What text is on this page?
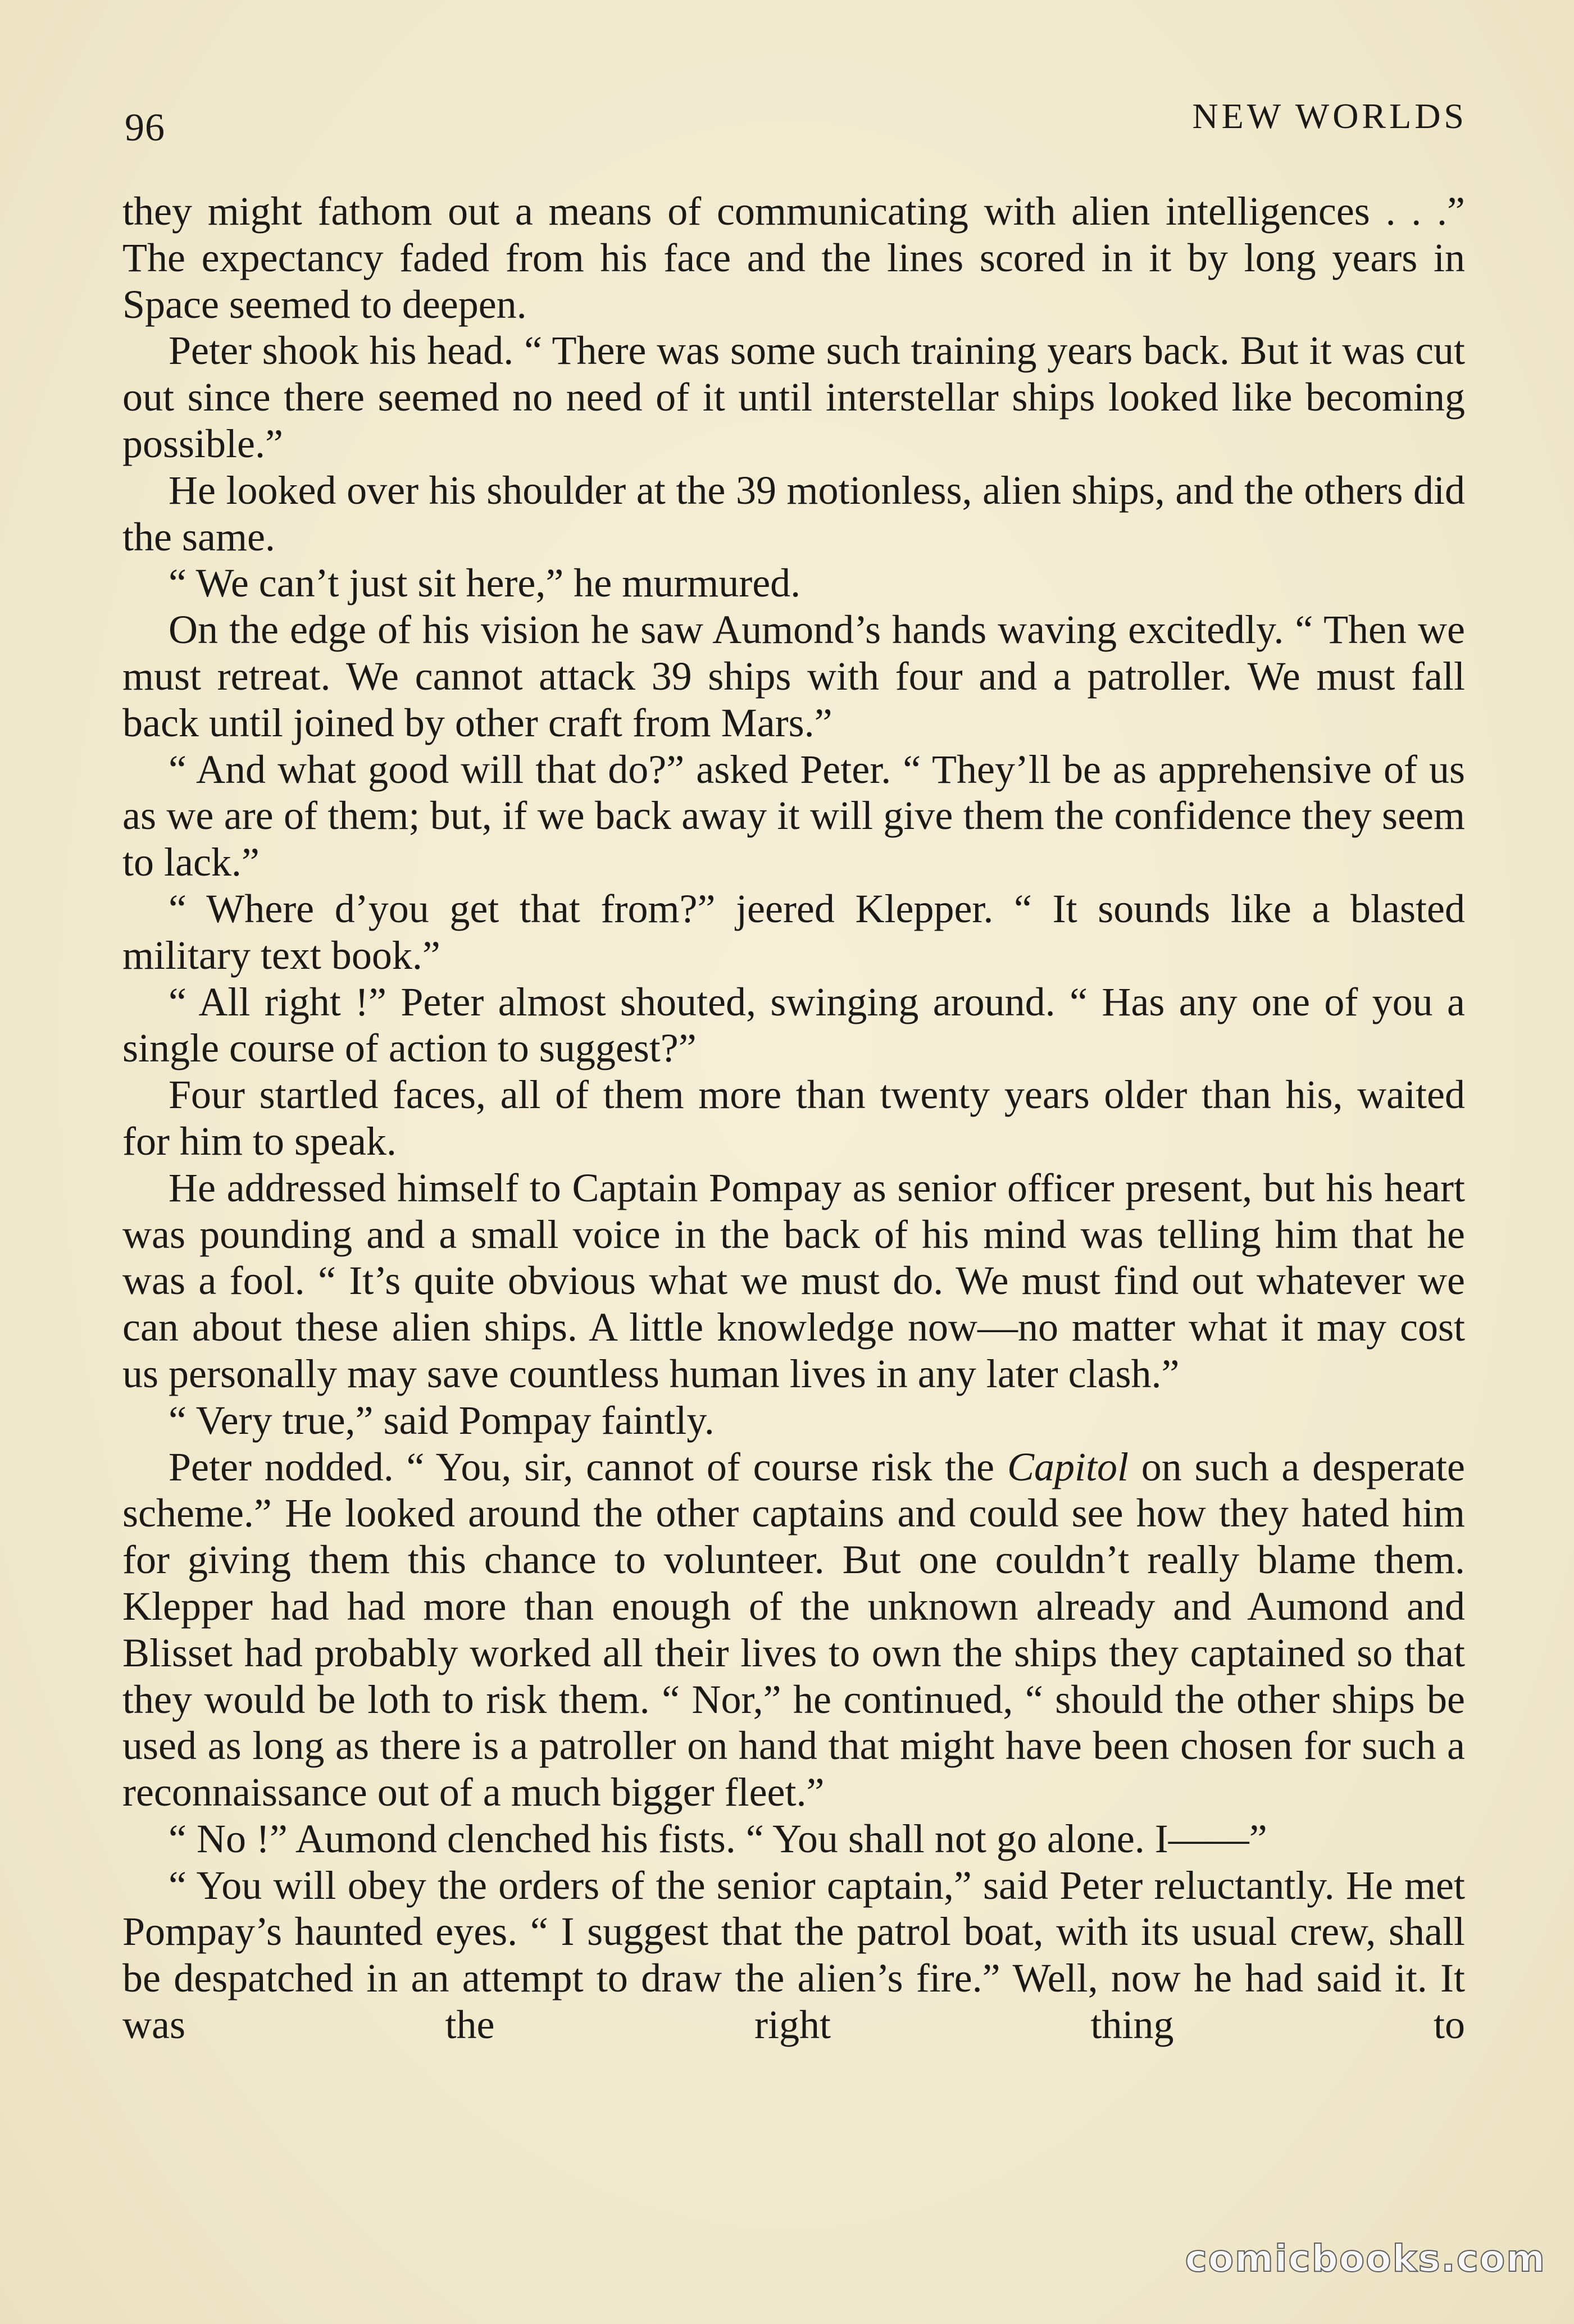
96	NEW WORLDS

they might fathom out a means of communicating with alien intelligences . . .” The expectancy faded from his face and the lines scored in it by long years in Space seemed to deepen.

Peter shook his head. “ There was some such training years back. But it was cut out since there seemed no need of it until interstellar ships looked like becoming possible.”

He looked over his shoulder at the 39 motionless, alien ships, and the others did the same.

“ We can’t just sit here,” he murmured.

On the edge of his vision he saw Aumond’s hands waving excitedly. “ Then we must retreat. We cannot attack 39 ships with four and a patroller. We must fall back until joined by other craft from Mars.”

“ And what good will that do?” asked Peter. “ They’ll be as apprehensive of us as we are of them; but, if we back away it will give them the confidence they seem to lack.”

“ Where d’you get that from?” jeered Klepper. “ It sounds like a blasted military text book.”

“ All right !” Peter almost shouted, swinging around. “ Has any one of you a single course of action to suggest?”

Four startled faces, all of them more than twenty years older than his, waited for him to speak.

He addressed himself to Captain Pompay as senior officer present, but his heart was pounding and a small voice in the back of his mind was telling him that he was a fool. “ It’s quite obvious what we must do. We must find out whatever we can about these alien ships. A little knowledge now—no matter what it may cost us personally may save countless human lives in any later clash.”

“ Very true,” said Pompay faintly.

Peter nodded. “ You, sir, cannot of course risk the Capitol on such a desperate scheme.” He looked around the other captains and could see how they hated him for giving them this chance to volunteer. But one couldn’t really blame them. Klepper had had more than enough of the unknown already and Aumond and Blisset had probably worked all their lives to own the ships they captained so that they would be loth to risk them. “ Nor,” he continued, “ should the other ships be used as long as there is a patroller on hand that might have been chosen for such a reconnaissance out of a much bigger fleet.”

“ No !” Aumond clenched his fists. “ You shall not go alone. I——”

“ You will obey the orders of the senior captain,” said Peter reluctantly. He met Pompay’s haunted eyes. “ I suggest that the patrol boat, with its usual crew, shall be despatched in an attempt to draw the alien’s fire.” Well, now he had said it. It was the right thing to

comicbooks.com
